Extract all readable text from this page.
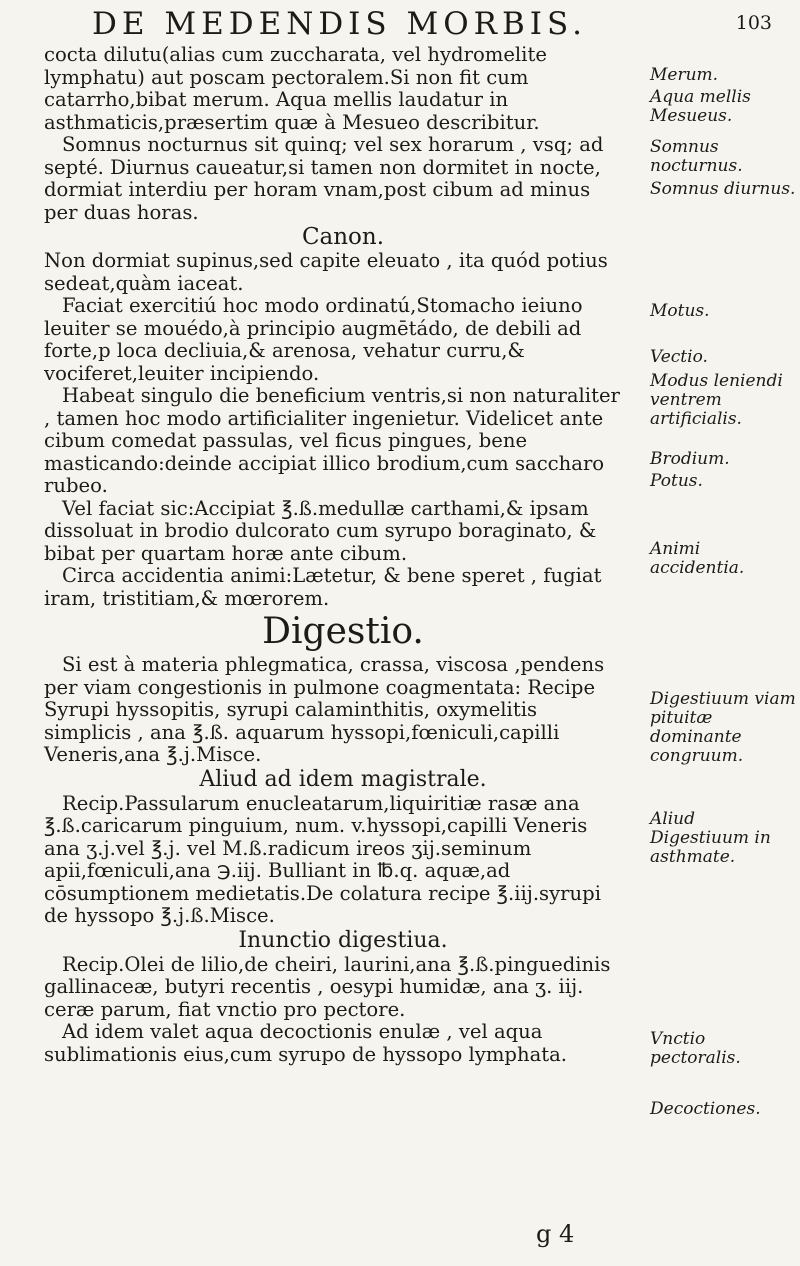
DE MEDENDIS MORBIS.	103

cocta dilutu(alias cum zuccharata, vel hydromelite lymphatu) aut poscam pectoralem.Si non fit cum catarrho,bibat merum. Aqua mellis laudatur in asthmaticis,præsertim quæ à Mesueo describitur.

Somnus nocturnus sit quinq; vel sex horarum , vsq; ad septé. Diurnus caueatur,si tamen non dormitet in nocte, dormiat interdiu per horam vnam,post cibum ad minus per duas horas.

Canon.

Non dormiat supinus,sed capite eleuato , ita quód potius sedeat,quàm iaceat.

Faciat exercitiú hoc modo ordinatú,Stomacho ieiuno leuiter se mouédo,à principio augmētádo, de debili ad forte,p loca decliuia,& arenosa, vehatur curru,& vociferet,leuiter incipiendo.

Habeat singulo die beneficium ventris,si non naturaliter , tamen hoc modo artificialiter ingenietur. Videlicet ante cibum comedat passulas, vel ficus pingues, bene masticando:deinde accipiat illico brodium,cum saccharo rubeo.

Vel faciat sic:Accipiat ℥.ß.medullæ carthami,& ipsam dissoluat in brodio dulcorato cum syrupo boraginato, & bibat per quartam horæ ante cibum.

Circa accidentia animi:Lætetur, & bene speret , fugiat iram, tristitiam,& mœrorem.

Digestio.

Si est à materia phlegmatica, crassa, viscosa ,pendens per viam congestionis in pulmone coagmentata: Recipe Syrupi hyssopitis, syrupi calaminthitis, oxymelitis simplicis , ana ℥.ß. aquarum hyssopi,fœniculi,capilli Veneris,ana ℥.j.Misce.

Aliud ad idem magistrale.

Recip.Passularum enucleatarum,liquiritiæ rasæ ana ℥.ß.caricarum pinguium, num. v.hyssopi,capilli Veneris ana ʒ.j.vel ℥.j. vel M.ß.radicum ireos ʒij.seminum apii,fœniculi,ana ℈.iij. Bulliant in ℔.q. aquæ,ad cōsumptionem medietatis.De colatura recipe ℥.iij.syrupi de hyssopo ℥.j.ß.Misce.

Inunctio digestiua.

Recip.Olei de lilio,de cheiri, laurini,ana ℥.ß.pinguedinis gallinaceæ, butyri recentis , oesypi humidæ, ana ʒ. iij. ceræ parum, fiat vnctio pro pectore.

Ad idem valet aqua decoctionis enulæ , vel aqua sublimationis eius,cum syrupo de hyssopo lymphata.

Merum.
Aqua mellis Mesueus.
Somnus nocturnus.
Somnus diurnus.
Motus.
Vectio.
Modus leniendi ventrem artificialis.
Brodium.
Potus.
Animi accidentia.
Digestiuum viam pituitæ dominante congruum.
Aliud Digestiuum in asthmate.
Vnctio pectoralis.
Decoctiones.
g 4
